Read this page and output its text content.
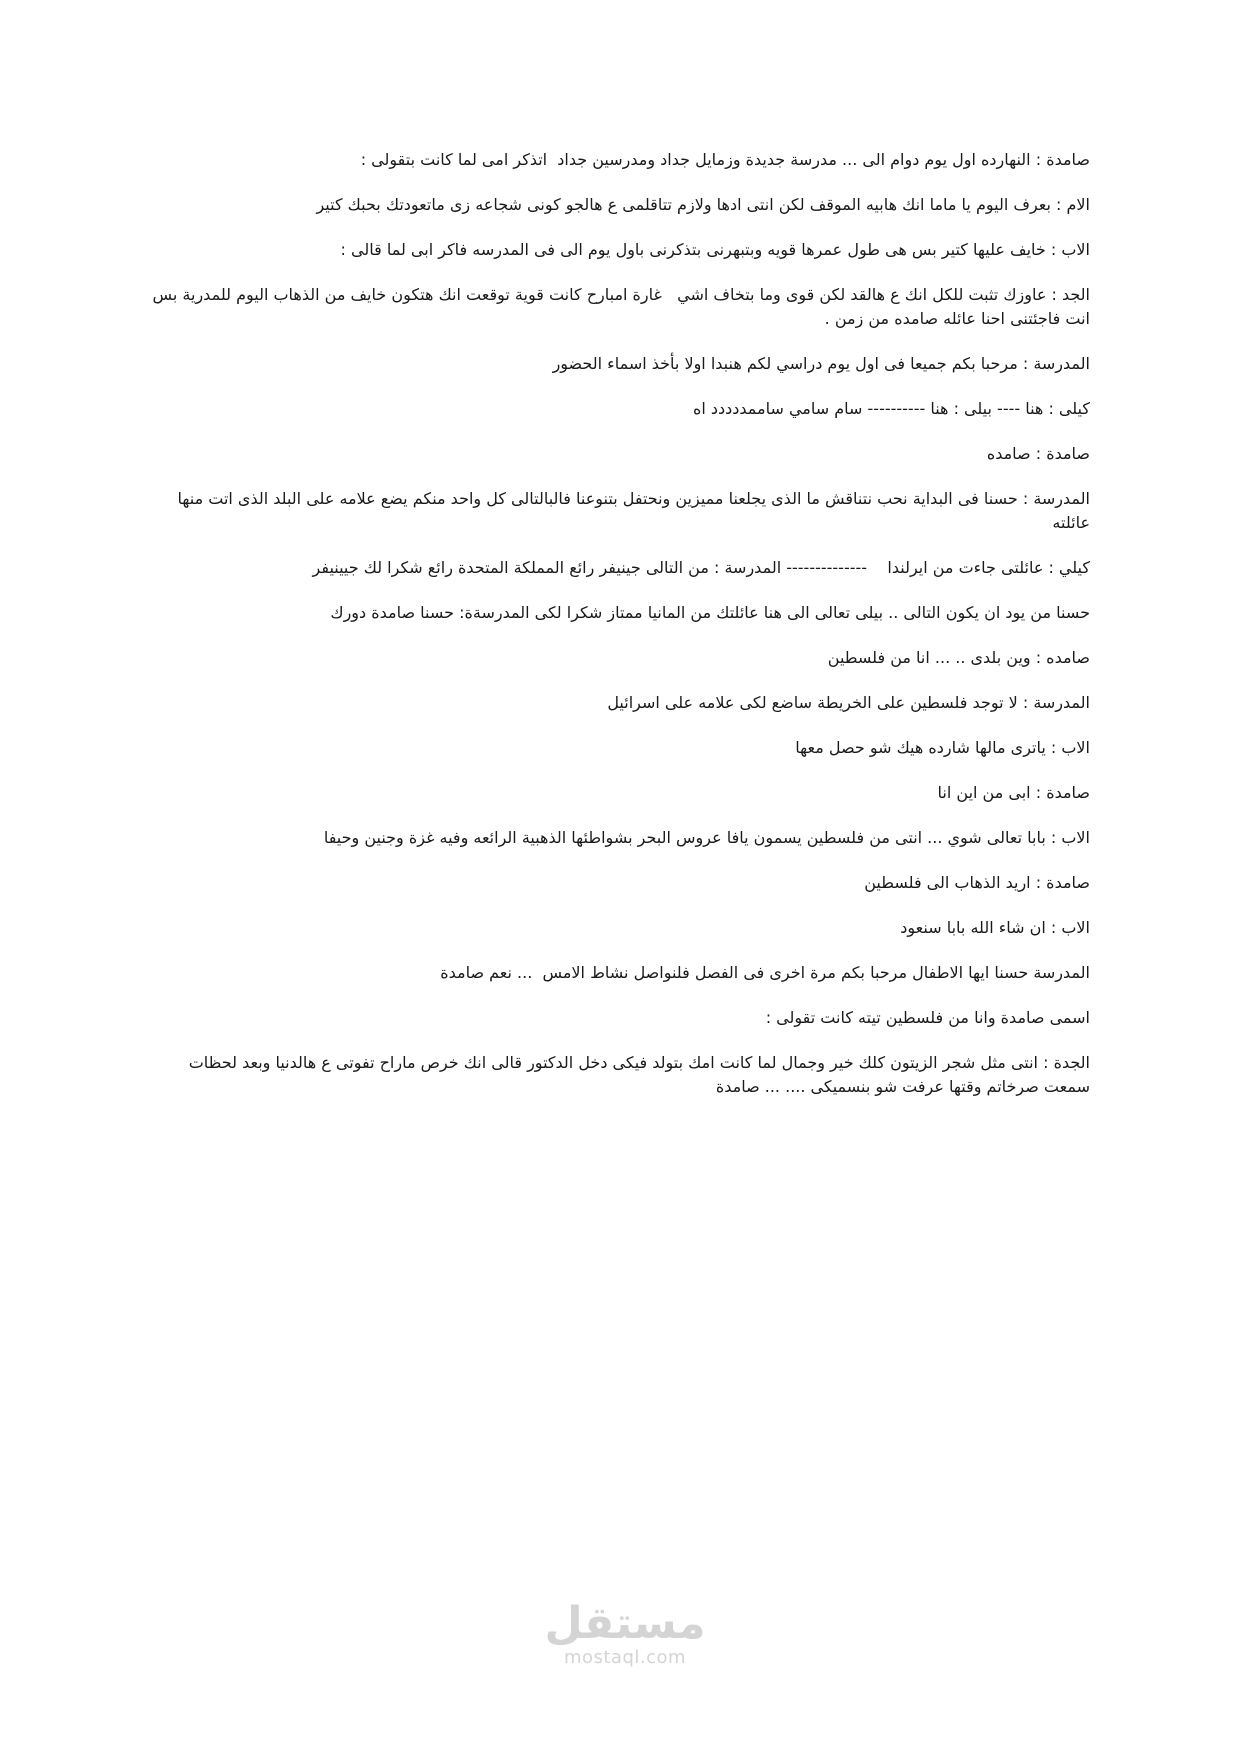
صامدة : النهارده اول يوم دوام الى ... مدرسة جديدة وزمايل جداد ومدرسين جداد  اتذكر امى لما كانت بتقولى :

الام : بعرف اليوم يا ماما انك هابيه الموقف لكن انتى ادها ولازم تتاقلمى ع هالجو كونى شجاعه زى ماتعودتك بحبك كتير

الاب : خايف عليها كتير بس هى طول عمرها قويه وبتبهرنى بتذكرنى باول يوم الى فى المدرسه فاكر ابى لما قالى :

الجد : عاوزك تثبت للكل انك ع هالقد لكن قوى وما بتخاف اشي   غارة امبارح كانت قوية توقعت انك هتكون خايف من الذهاب اليوم للمدرية بس انت فاجئتنى احنا عائله صامده من زمن .

المدرسة : مرحبا بكم جميعا فى اول يوم دراسي لكم هنبدا اولا بأخذ اسماء الحضور

كيلى : هنا ---- بيلى : هنا ---------- سام سامي ساممددددد اه

صامدة : صامده

المدرسة : حسنا فى البداية نحب نتناقش ما الذى يجلعنا مميزين ونحتفل بتنوعنا فالبالتالى كل واحد منكم يضع علامه على البلد الذى اتت منها عائلته

كيلي : عائلتى جاءت من ايرلندا    -------------- المدرسة : من التالى جينيفر رائع المملكة المتحدة رائع شكرا لك جيينيفر

حسنا من يود ان يكون التالى .. بيلى تعالى الى هنا عائلتك من المانيا ممتاز شكرا لكى المدرسةة: حسنا صامدة دورك

صامده : وين بلدى .. ... انا من فلسطين

المدرسة : لا توجد فلسطين على الخريطة ساضع لكى علامه على اسرائيل

الاب : ياترى مالها شارده هيك شو حصل معها

صامدة : ابى من اين انا

الاب : بابا تعالى شوي ... انتى من فلسطين يسمون يافا عروس البحر بشواطئها الذهبية الرائعه وفيه غزة وجنين وحيفا

صامدة : اريد الذهاب الى فلسطين

الاب : ان شاء الله بابا سنعود

المدرسة حسنا ايها الاطفال مرحبا بكم مرة اخرى فى الفصل فلنواصل نشاط الامس  ... نعم صامدة

اسمى صامدة وانا من فلسطين تيته كانت تقولى :

الجدة : انتى مثل شجر الزيتون كلك خير وجمال لما كانت امك بتولد فيكى دخل الدكتور قالى انك خرص ماراح تفوتى ع هالدنيا وبعد لحظات سمعت صرخاتم وقتها عرفت شو بنسميكى .... ... صامدة

مستقل
mostaql.com
